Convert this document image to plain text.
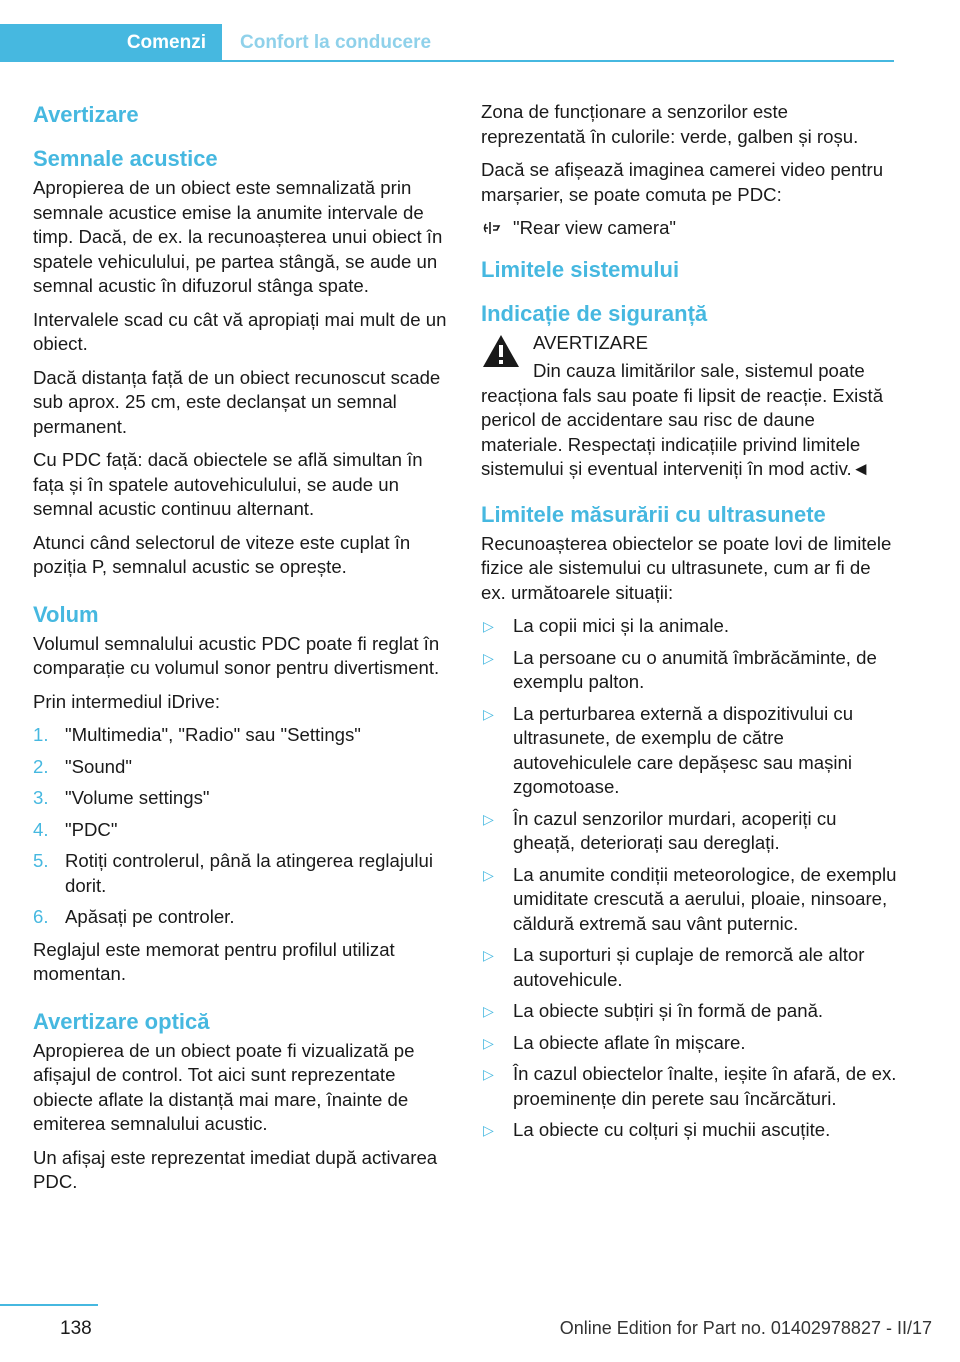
Comenzi	Confort la conducere
Avertizare
Semnale acustice

Apropierea de un obiect este semnalizată prin semnale acustice emise la anumite intervale de timp. Dacă, de ex. la recunoașterea unui obiect în spatele vehiculului, pe partea stângă, se aude un semnal acustic în difuzorul stânga spate.

Intervalele scad cu cât vă apropiați mai mult de un obiect.

Dacă distanța față de un obiect recunoscut scade sub aprox. 25 cm, este declanșat un semnal permanent.

Cu PDC față: dacă obiectele se află simultan în fața și în spatele autovehiculului, se aude un semnal acustic continuu alternant.

Atunci când selectorul de viteze este cuplat în poziția P, semnalul acustic se oprește.

Volum

Volumul semnalului acustic PDC poate fi reglat în comparație cu volumul sonor pentru divertisment.

Prin intermediul iDrive:

1. "Multimedia", "Radio" sau "Settings"
2. "Sound"
3. "Volume settings"
4. "PDC"
5. Rotiți controlerul, până la atingerea reglajului dorit.
6. Apăsați pe controler.

Reglajul este memorat pentru profilul utilizat momentan.

Avertizare optică

Apropierea de un obiect poate fi vizualizată pe afișajul de control. Tot aici sunt reprezentate obiecte aflate la distanță mai mare, înainte de emiterea semnalului acustic.

Un afișaj este reprezentat imediat după activarea PDC.

Zona de funcționare a senzorilor este reprezentată în culorile: verde, galben și roșu.

Dacă se afișează imaginea camerei video pentru marșarier, se poate comuta pe PDC:

"Rear view camera"
Limitele sistemului
Indicație de siguranță
AVERTIZARE

Din cauza limitărilor sale, sistemul poate reacționa fals sau poate fi lipsit de reacție. Există pericol de accidentare sau risc de daune materiale. Respectați indicațiile privind limitele sistemului și eventual interveniți în mod activ.◄

Limitele măsurării cu ultrasunete

Recunoașterea obiectelor se poate lovi de limitele fizice ale sistemului cu ultrasunete, cum ar fi de ex. următoarele situații:

▷ La copii mici și la animale.
▷ La persoane cu o anumită îmbrăcăminte, de exemplu palton.
▷ La perturbarea externă a dispozitivului cu ultrasunete, de exemplu de către autovehiculele care depășesc sau mașini zgomotoase.
▷ În cazul senzorilor murdari, acoperiți cu gheață, deteriorați sau dereglați.
▷ La anumite condiții meteorologice, de exemplu umiditate crescută a aerului, ploaie, ninsoare, căldură extremă sau vânt puternic.
▷ La suporturi și cuplaje de remorcă ale altor autovehicule.
▷ La obiecte subțiri și în formă de pană.
▷ La obiecte aflate în mișcare.
▷ În cazul obiectelor înalte, ieșite în afară, de ex. proeminențe din perete sau încărcături.
▷ La obiecte cu colțuri și muchii ascuțite.
138	Online Edition for Part no. 01402978827 - II/17
